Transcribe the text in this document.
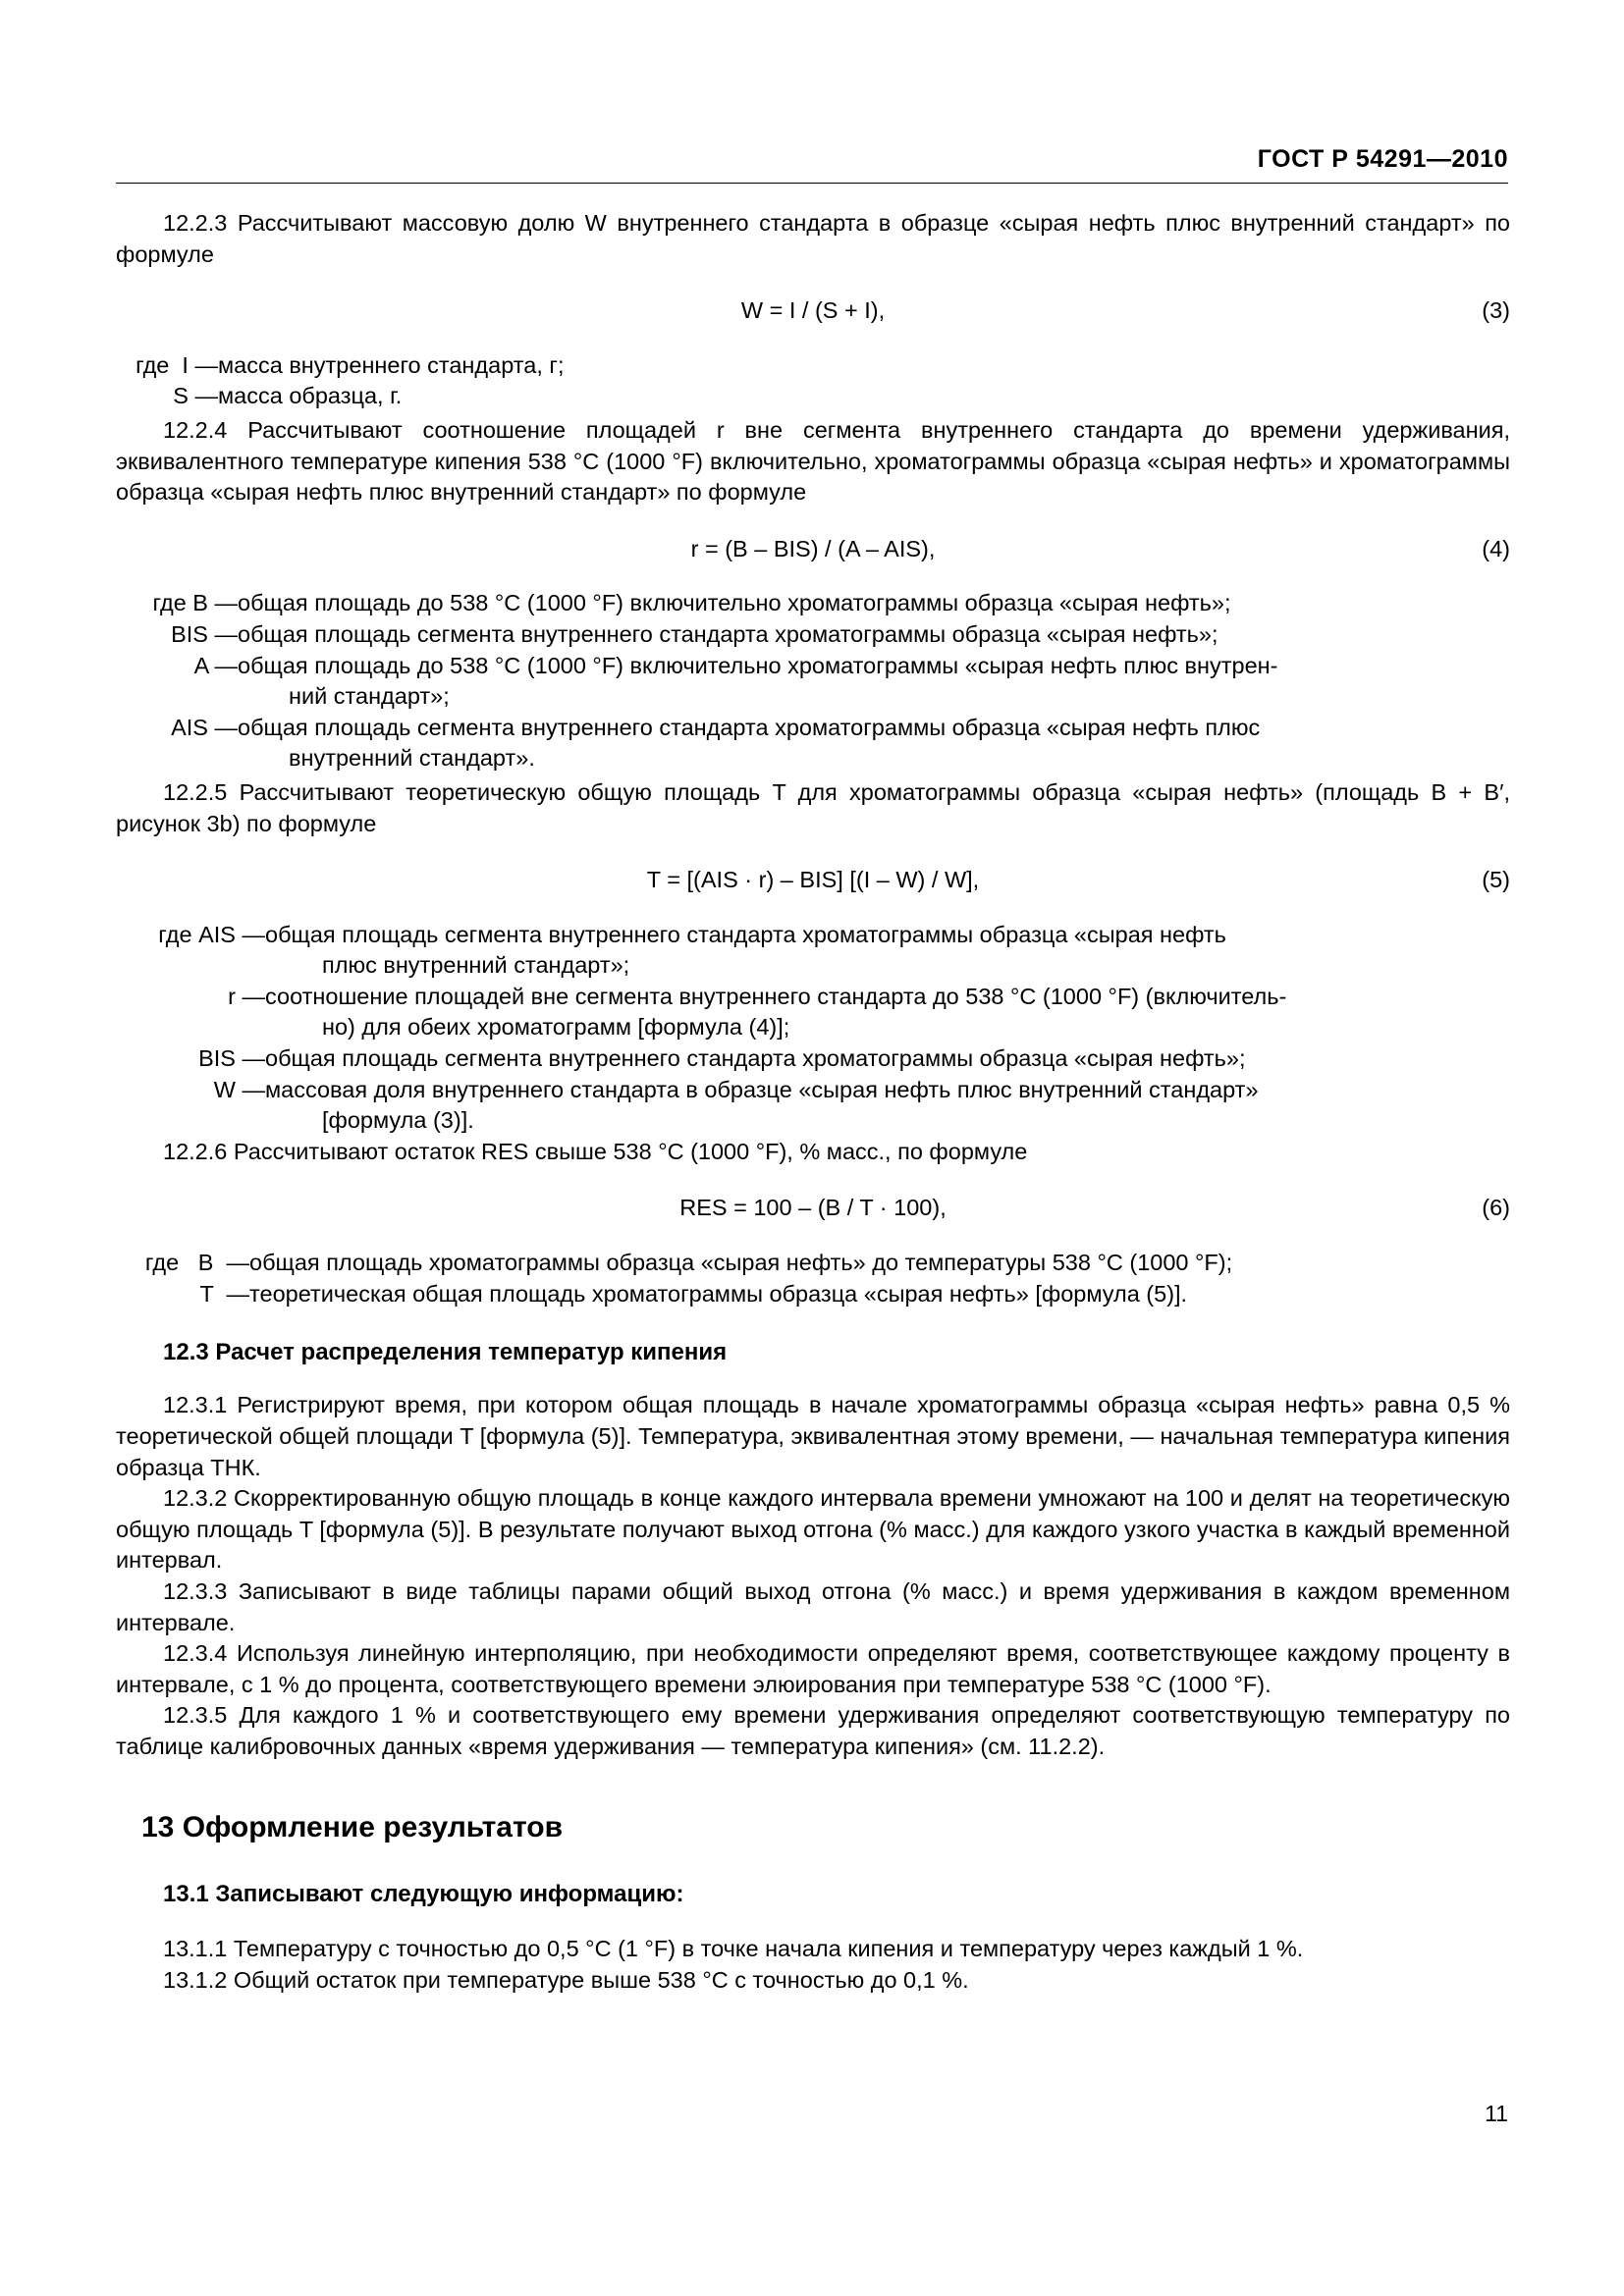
ГОСТ Р 54291—2010

12.2.3 Рассчитывают массовую долю W внутреннего стандарта в образце «сырая нефть плюс внутренний стандарт» по формуле

W = I / (S + I),	(3)
где  I — масса внутреннего стандарта, г;
S — масса образца, г.

12.2.4 Рассчитывают соотношение площадей r вне сегмента внутреннего стандарта до времени удерживания, эквивалентного температуре кипения 538 °С (1000 °F) включительно, хроматограммы образца «сырая нефть» и хроматограммы образца «сырая нефть плюс внутренний стандарт» по формуле

r = (B – BIS) / (A – AIS),	(4)
где B — общая площадь до 538 °С (1000 °F) включительно хроматограммы образца «сырая нефть»;
BIS — общая площадь сегмента внутреннего стандарта хроматограммы образца «сырая нефть»;
A — общая площадь до 538 °С (1000 °F) включительно хроматограммы «сырая нефть плюс внутрен-
ний стандарт»;
AIS — общая площадь сегмента внутреннего стандарта хроматограммы образца «сырая нефть плюс
внутренний стандарт».

12.2.5 Рассчитывают теоретическую общую площадь T для хроматограммы образца «сырая нефть» (площадь B + B′, рисунок 3b) по формуле

T = [(AIS · r) – BIS] [(I – W) / W],	(5)
где AIS — общая площадь сегмента внутреннего стандарта хроматограммы образца «сырая нефть
плюс внутренний стандарт»;
r — соотношение площадей вне сегмента внутреннего стандарта до 538 °С (1000 °F) (включитель-
но) для обеих хроматограмм [формула (4)];
BIS — общая площадь сегмента внутреннего стандарта хроматограммы образца «сырая нефть»;
W — массовая доля внутреннего стандарта в образце «сырая нефть плюс внутренний стандарт»
[формула (3)].

12.2.6 Рассчитывают остаток RES свыше 538 °С (1000 °F), % масс., по формуле

RES = 100 – (B / T · 100),	(6)
где   B  — общая площадь хроматограммы образца «сырая нефть» до температуры 538 °С (1000 °F);
T  — теоретическая общая площадь хроматограммы образца «сырая нефть» [формула (5)].
12.3 Расчет распределения температур кипения

12.3.1 Регистрируют время, при котором общая площадь в начале хроматограммы образца «сырая нефть» равна 0,5 % теоретической общей площади T [формула (5)]. Температура, эквивалентная этому времени, — начальная температура кипения образца ТНК.

12.3.2 Скорректированную общую площадь в конце каждого интервала времени умножают на 100 и делят на теоретическую общую площадь T [формула (5)]. В результате получают выход отгона (% масс.) для каждого узкого участка в каждый временной интервал.

12.3.3 Записывают в виде таблицы парами общий выход отгона (% масс.) и время удерживания в каждом временном интервале.

12.3.4 Используя линейную интерполяцию, при необходимости определяют время, соответствующее каждому проценту в интервале, с 1 % до процента, соответствующего времени элюирования при температуре 538 °С (1000 °F).

12.3.5 Для каждого 1 % и соответствующего ему времени удерживания определяют соответствующую температуру по таблице калибровочных данных «время удерживания — температура кипения» (см. 11.2.2).

13 Оформление результатов
13.1 Записывают следующую информацию:

13.1.1 Температуру с точностью до 0,5 °С (1 °F) в точке начала кипения и температуру через каждый 1 %.

13.1.2 Общий остаток при температуре выше 538 °С с точностью до 0,1 %.

11
